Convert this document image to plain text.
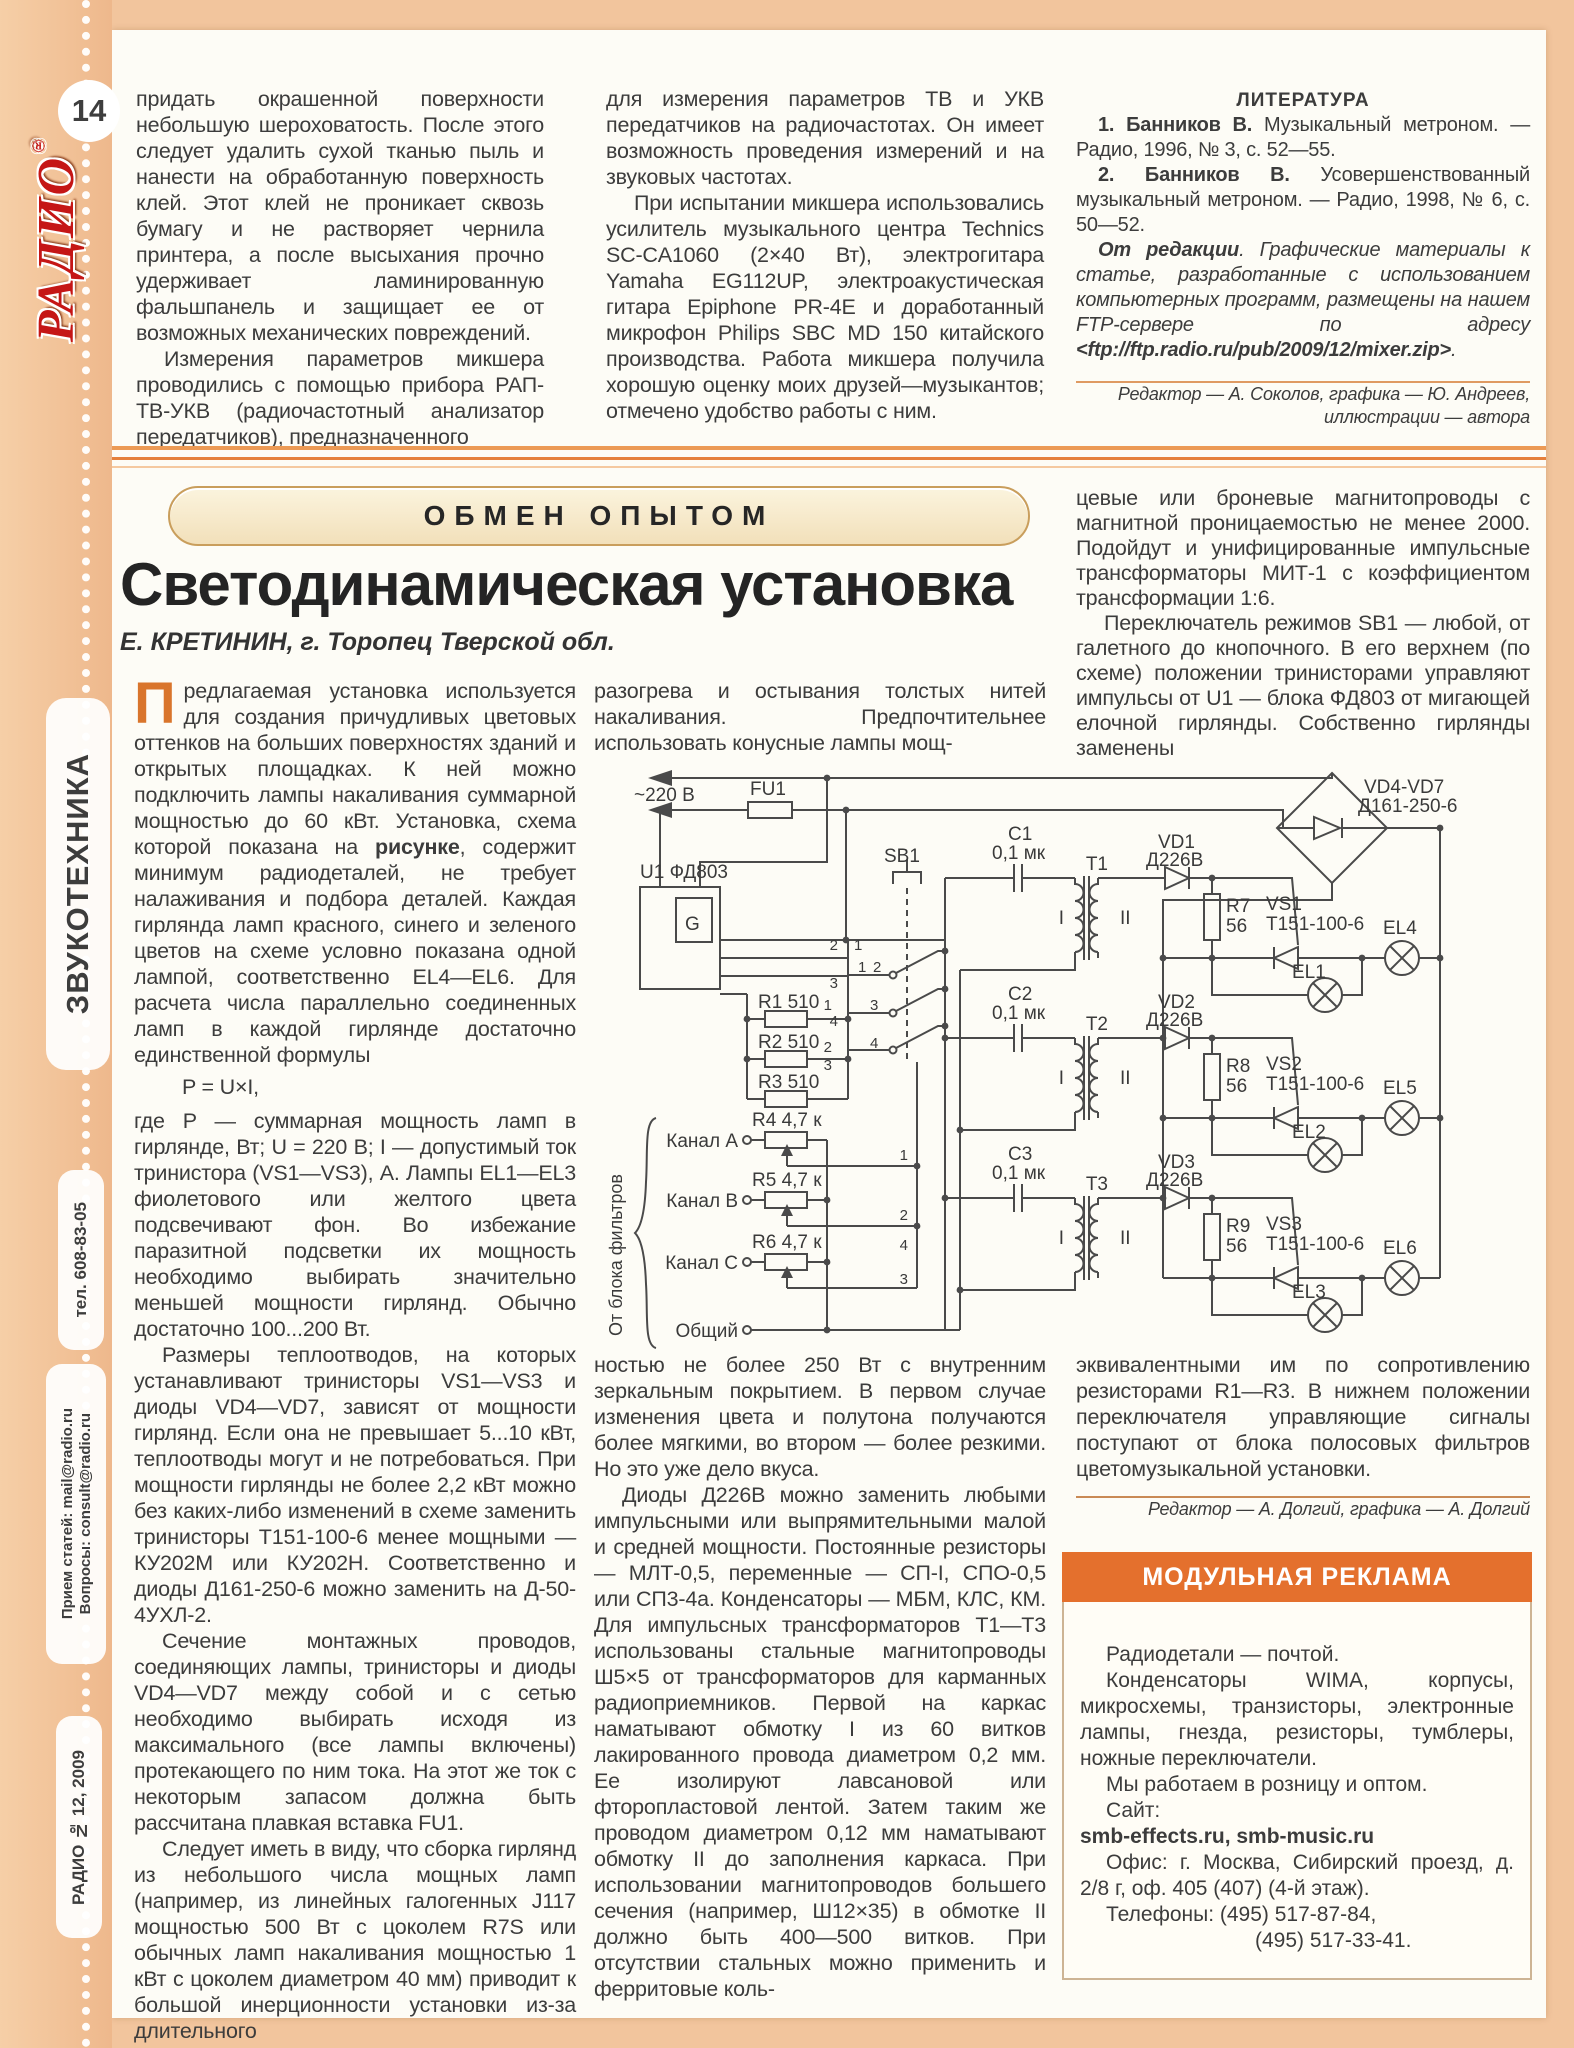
РАДИО®
ЗВУКОТЕХНИКА
тел. 608-83-05
Прием статей: mail@radio.ru Вопросы: consult@radio.ru
РАДИО № 12, 2009
14 придать окрашенной поверхности небольшую шероховатость. После этого следует удалить сухой тканью пыль и нанести на обработанную поверхность клей. Этот клей не проникает сквозь бумагу и не растворяет чернила принтера, а после высыхания прочно удерживает ламинированную фальшпанель и защищает ее от возможных механических повреждений.

Измерения параметров микшера проводились с помощью прибора РАП-ТВ-УКВ (радиочастотный анализатор передатчиков), предназначенного

для измерения параметров ТВ и УКВ передатчиков на радиочастотах. Он имеет возможность проведения измерений и на звуковых частотах.

При испытании микшера использовались усилитель музыкального центра Technics SC-CA1060 (2×40 Вт), электрогитара Yamaha EG112UP, электроакустическая гитара Epiphone PR-4E и доработанный микрофон Philips SBC MD 150 китайского производства. Работа микшера получила хорошую оценку моих друзей—музыкантов; отмечено удобство работы с ним.

ЛИТЕРАТУРА

1. Банников В. Музыкальный метроном. — Радио, 1996, № 3, с. 52—55.

2. Банников В. Усовершенствованный музыкальный метроном. — Радио, 1998, № 6, с. 50—52.

От редакции. Графические материалы к статье, разработанные с использованием компьютерных программ, размещены на нашем FTP-сервере по адресу <ftp://ftp.radio.ru/pub/2009/12/mixer.zip>.

Редактор — А. Соколов, графика — Ю. Андреев,
иллюстрации — автора

ОБМЕН ОПЫТОМ
Светодинамическая установка
Е. КРЕТИНИН, г. Торопец Тверской обл.

Предлагаемая установка используется для создания причудливых цветовых оттенков на больших поверхностях зданий и открытых площадках. К ней можно подключить лампы накаливания суммарной мощностью до 60 кВт. Установка, схема которой показана на рисунке, содержит минимум радиодеталей, не требует налаживания и подбора деталей. Каждая гирлянда ламп красного, синего и зеленого цветов на схеме условно показана одной лампой, соответственно EL4—EL6. Для расчета числа параллельно соединенных ламп в каждой гирлянде достаточно единственной формулы

P = U×I,

где P — суммарная мощность ламп в гирлянде, Вт; U = 220 В; I — допустимый ток тринистора (VS1—VS3), А. Лампы EL1—EL3 фиолетового или желтого цвета подсвечивают фон. Во избежание паразитной подсветки их мощность необходимо выбирать значительно меньшей мощности гирлянд. Обычно достаточно 100...200 Вт.

Размеры теплоотводов, на которых устанавливают тринисторы VS1—VS3 и диоды VD4—VD7, зависят от мощности гирлянд. Если она не превышает 5...10 кВт, теплоотводы могут и не потребоваться. При мощности гирлянды не более 2,2 кВт можно без каких-либо изменений в схеме заменить тринисторы Т151-100-6 менее мощными — КУ202М или КУ202Н. Соответственно и диоды Д161-250-6 можно заменить на Д-50-4УХЛ-2.

Сечение монтажных проводов, соединяющих лампы, тринисторы и диоды VD4—VD7 между собой и с сетью необходимо выбирать исходя из максимального (все лампы включены) протекающего по ним тока. На этот же ток с некоторым запасом должна быть рассчитана плавкая вставка FU1.

Следует иметь в виду, что сборка гирлянд из небольшого числа мощных ламп (например, из линейных галогенных J117 мощностью 500 Вт с цоколем R7S или обычных ламп накаливания мощностью 1 кВт с цоколем диаметром 40 мм) приводит к большой инерционности установки из-за длительного

разогрева и остывания толстых нитей накаливания. Предпочтительнее использовать конусные лампы мощ-

цевые или броневые магнитопроводы с магнитной проницаемостью не менее 2000. Подойдут и унифицированные импульсные трансформаторы МИТ-1 с коэффициентом трансформации 1:6.

Переключатель режимов SB1 — любой, от галетного до кнопочного. В его верхнем (по схеме) положении тринисторами управляют импульсы от U1 — блока ФД803 от мигающей елочной гирлянды. Собственно гирлянды заменены

~220 В	FU1
U1 ФД803
G
SB1
VD4-VD7
Д161-250-6
C1
0,1 мк
C2
0,1 мк
C3
0,1 мк
T1
I	II
T2
I	II
T3
I	II
VD1
Д226В
VD2
Д226В
VD3
Д226В
R7
56
VS1
Т151-100-6
R8
56
VS2
Т151-100-6
R9
56
VS3
Т151-100-6
EL4
EL1
EL5
EL2
EL6
EL3
R1 510
R2 510
R3 510
R4 4,7 к
R5 4,7 к
R6 4,7 к
Канал А
Канал В
Канал С
Общий
От блока фильтров
2 1
3
4
1 2
3
4
1
2
3
1
2
4
3

ностью не более 250 Вт с внутренним зеркальным покрытием. В первом случае изменения цвета и полутона получаются более мягкими, во втором — более резкими. Но это уже дело вкуса.

Диоды Д226В можно заменить любыми импульсными или выпрямительными малой и средней мощности. Постоянные резисторы — МЛТ-0,5, переменные — СП-I, СПО-0,5 или СП3-4а. Конденсаторы — МБМ, КЛС, КМ. Для импульсных трансформаторов Т1—Т3 использованы стальные магнитопроводы Ш5×5 от трансформаторов для карманных радиоприемников. Первой на каркас наматывают обмотку I из 60 витков лакированного провода диаметром 0,2 мм. Ее изолируют лавсановой или фторопластовой лентой. Затем таким же проводом диаметром 0,12 мм наматывают обмотку II до заполнения каркаса. При использовании магнитопроводов большего сечения (например, Ш12×35) в обмотке II должно быть 400—500 витков. При отсутствии стальных можно применить и ферритовые коль-

эквивалентными им по сопротивлению резисторами R1—R3. В нижнем положении переключателя управляющие сигналы поступают от блока полосовых фильтров цветомузыкальной установки.

Редактор — А. Долгий, графика — А. Долгий

МОДУЛЬНАЯ РЕКЛАМА

Радиодетали — почтой.

Конденсаторы WIMA, корпусы, микросхемы, транзисторы, электронные лампы, гнезда, резисторы, тумблеры, ножные переключатели.

Мы работаем в розницу и оптом.

Сайт:

smb-effects.ru, smb-music.ru

Офис: г. Москва, Сибирский проезд, д. 2/8 г, оф. 405 (407) (4-й этаж).

Телефоны: (495) 517-87-84,

(495) 517-33-41.
